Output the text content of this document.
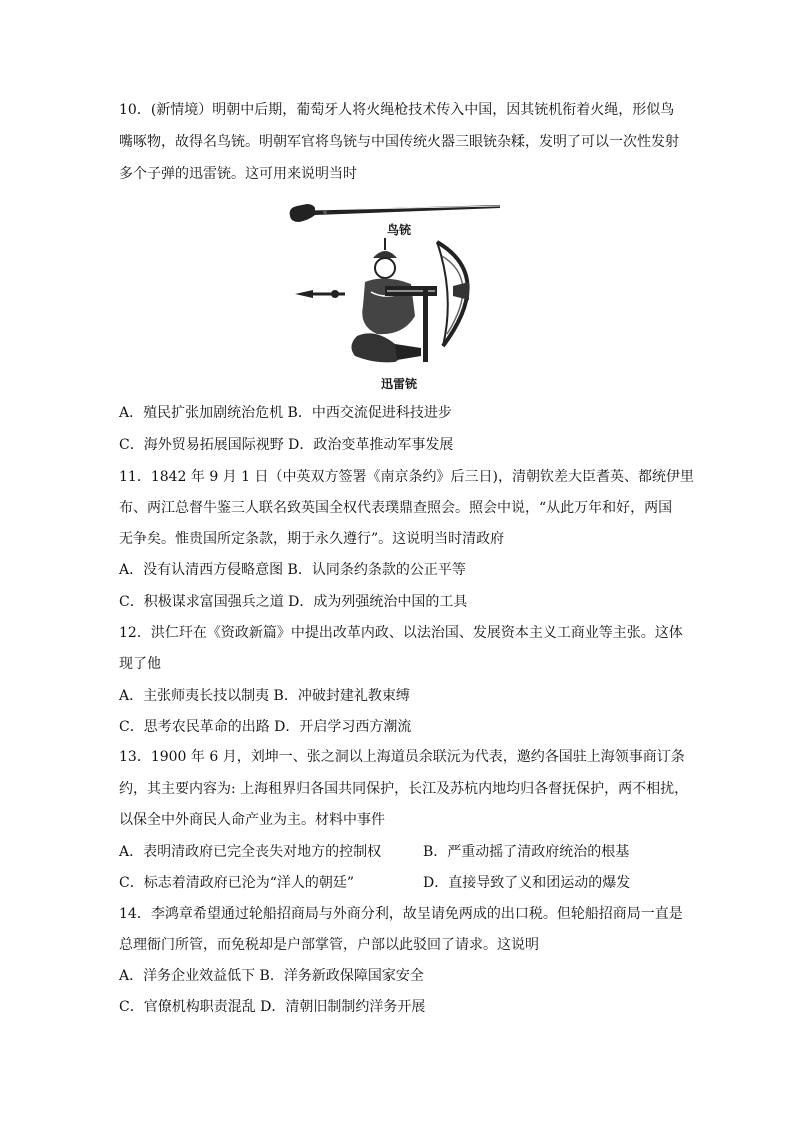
10．(新情境）明朝中后期，葡萄牙人将火绳枪技术传入中国，因其铳机衔着火绳，形似鸟
嘴啄物，故得名鸟铳。明朝军官将鸟铳与中国传统火器三眼铳杂糅，发明了可以一次性发射
多个子弹的迅雷铳。这可用来说明当时
鸟铳
迅雷铳
A．殖民扩张加剧统治危机 B．中西交流促进科技进步
C．海外贸易拓展国际视野 D．政治变革推动军事发展
11．1842 年 9 月 1 日（中英双方签署《南京条约》后三日)，清朝钦差大臣耆英、都统伊里
布、两江总督牛鉴三人联名致英国全权代表璞鼎查照会。照会中说，“从此万年和好，两国
无争矣。惟贵国所定条款，期于永久遵行”。这说明当时清政府
A．没有认清西方侵略意图 B．认同条约条款的公正平等
C．积极谋求富国强兵之道 D．成为列强统治中国的工具
12．洪仁玕在《资政新篇》中提出改革内政、以法治国、发展资本主义工商业等主张。这体
现了他
A．主张师夷长技以制夷 B．冲破封建礼教束缚
C．思考农民革命的出路 D．开启学习西方潮流
13．1900 年 6 月，刘坤一、张之洞以上海道员余联沅为代表，邀约各国驻上海领事商订条
约，其主要内容为: 上海租界归各国共同保护，长江及苏杭内地均归各督抚保护，两不相扰，
以保全中外商民人命产业为主。材料中事件
A．表明清政府已完全丧失对地方的控制权	B．严重动摇了清政府统治的根基
C．标志着清政府已沦为“洋人的朝廷”	D．直接导致了义和团运动的爆发
14．李鸿章希望通过轮船招商局与外商分利，故呈请免两成的出口税。但轮船招商局一直是
总理衙门所管，而免税却是户部掌管，户部以此驳回了请求。这说明
A．洋务企业效益低下 B．洋务新政保障国家安全
C．官僚机构职责混乱 D．清朝旧制制约洋务开展
